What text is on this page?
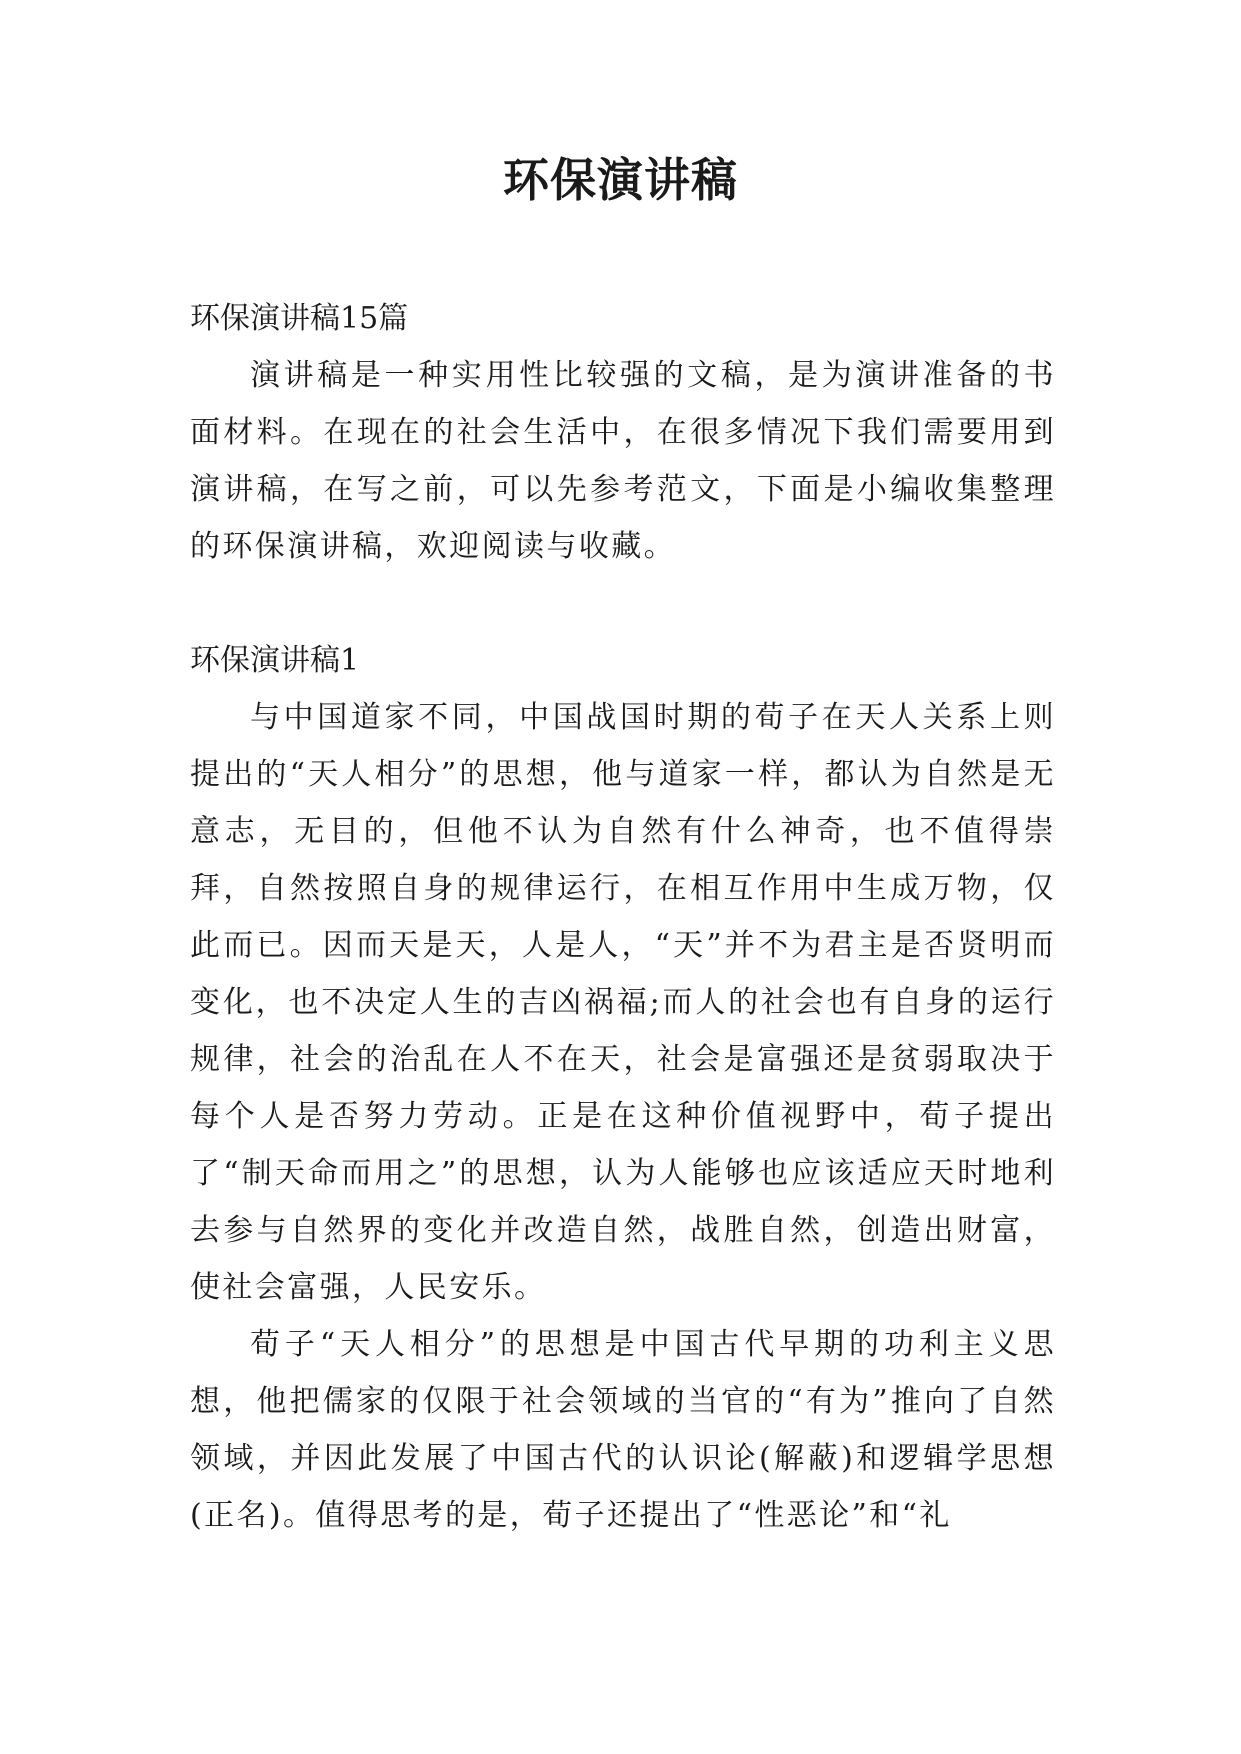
环保演讲稿

环保演讲稿15篇

演讲稿是一种实用性比较强的文稿，是为演讲准备的书面材料。在现在的社会生活中，在很多情况下我们需要用到演讲稿，在写之前，可以先参考范文，下面是小编收集整理的环保演讲稿，欢迎阅读与收藏。

环保演讲稿1

与中国道家不同，中国战国时期的荀子在天人关系上则提出的“天人相分”的思想，他与道家一样，都认为自然是无意志，无目的，但他不认为自然有什么神奇，也不值得崇拜，自然按照自身的规律运行，在相互作用中生成万物，仅此而已。因而天是天，人是人，“天”并不为君主是否贤明而变化，也不决定人生的吉凶祸福;而人的社会也有自身的运行规律，社会的治乱在人不在天，社会是富强还是贫弱取决于每个人是否努力劳动。正是在这种价值视野中，荀子提出了“制天命而用之”的思想，认为人能够也应该适应天时地利去参与自然界的变化并改造自然，战胜自然，创造出财富，使社会富强，人民安乐。

荀子“天人相分”的思想是中国古代早期的功利主义思想，他把儒家的仅限于社会领域的当官的“有为”推向了自然领域，并因此发展了中国古代的认识论(解蔽)和逻辑学思想(正名)。值得思考的是，荀子还提出了“性恶论”和“礼
